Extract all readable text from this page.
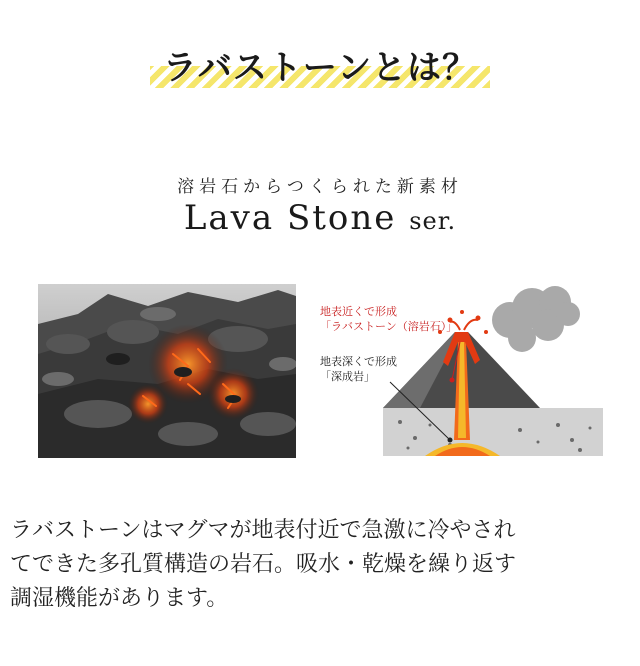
ラバストーンとは？
溶岩石からつくられた新素材
Lava Stone ser.
地表近くで形成
「ラバストーン（溶岩石）」
地表深くで形成
「深成岩」
ラバストーンはマグマが地表付近で急激に冷やされ
てできた多孔質構造の岩石。吸水・乾燥を繰り返す
調湿機能があります。
